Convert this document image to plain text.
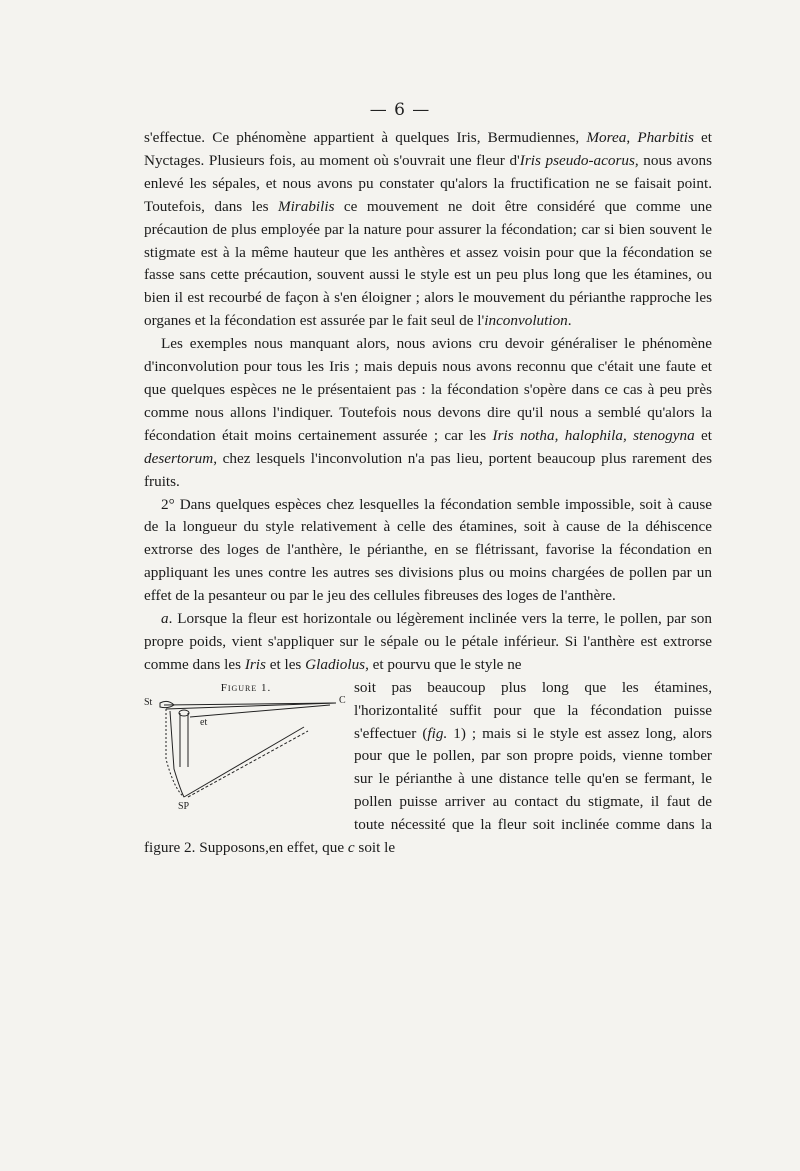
— 6 —

s'effectue. Ce phénomène appartient à quelques Iris, Bermudiennes, Morea, Pharbitis et Nyctages. Plusieurs fois, au moment où s'ouvrait une fleur d'Iris pseudo-acorus, nous avons enlevé les sépales, et nous avons pu constater qu'alors la fructification ne se faisait point. Toutefois, dans les Mirabilis ce mouvement ne doit être considéré que comme une précaution de plus employée par la nature pour assurer la fécondation; car si bien souvent le stigmate est à la même hauteur que les anthères et assez voisin pour que la fécondation se fasse sans cette précaution, souvent aussi le style est un peu plus long que les étamines, ou bien il est recourbé de façon à s'en éloigner ; alors le mouvement du périanthe rapproche les organes et la fécondation est assurée par le fait seul de l'inconvolution.

Les exemples nous manquant alors, nous avions cru devoir généraliser le phénomène d'inconvolution pour tous les Iris ; mais depuis nous avons reconnu que c'était une faute et que quelques espèces ne le présentaient pas : la fécondation s'opère dans ce cas à peu près comme nous allons l'indiquer. Toutefois nous devons dire qu'il nous a semblé qu'alors la fécondation était moins certainement assurée ; car les Iris notha, halophila, stenogyna et desertorum, chez lesquels l'inconvolution n'a pas lieu, portent beaucoup plus rarement des fruits.

2° Dans quelques espèces chez lesquelles la fécondation semble impossible, soit à cause de la longueur du style relativement à celle des étamines, soit à cause de la déhiscence extrorse des loges de l'anthère, le périanthe, en se flétrissant, favorise la fécondation en appliquant les unes contre les autres ses divisions plus ou moins chargées de pollen par un effet de la pesanteur ou par le jeu des cellules fibreuses des loges de l'anthère.

a. Lorsque la fleur est horizontale ou légèrement inclinée vers la terre, le pollen, par son propre poids, vient s'appliquer sur le sépale ou le pétale inférieur. Si l'anthère est extrorse comme dans les Iris et les Gladiolus, et pourvu que le style ne

Figure 1.
St	C
et
SP

soit pas beaucoup plus long que les étamines, l'horizontalité suffit pour que la fécondation puisse s'effectuer (fig. 1) ; mais si le style est assez long, alors pour que le pollen, par son propre poids, vienne tomber sur le périanthe à une distance telle qu'en se fermant, le pollen puisse arriver au contact du stigmate, il faut de toute nécessité que la fleur soit inclinée comme dans la figure 2. Supposons,en effet, que c soit le
